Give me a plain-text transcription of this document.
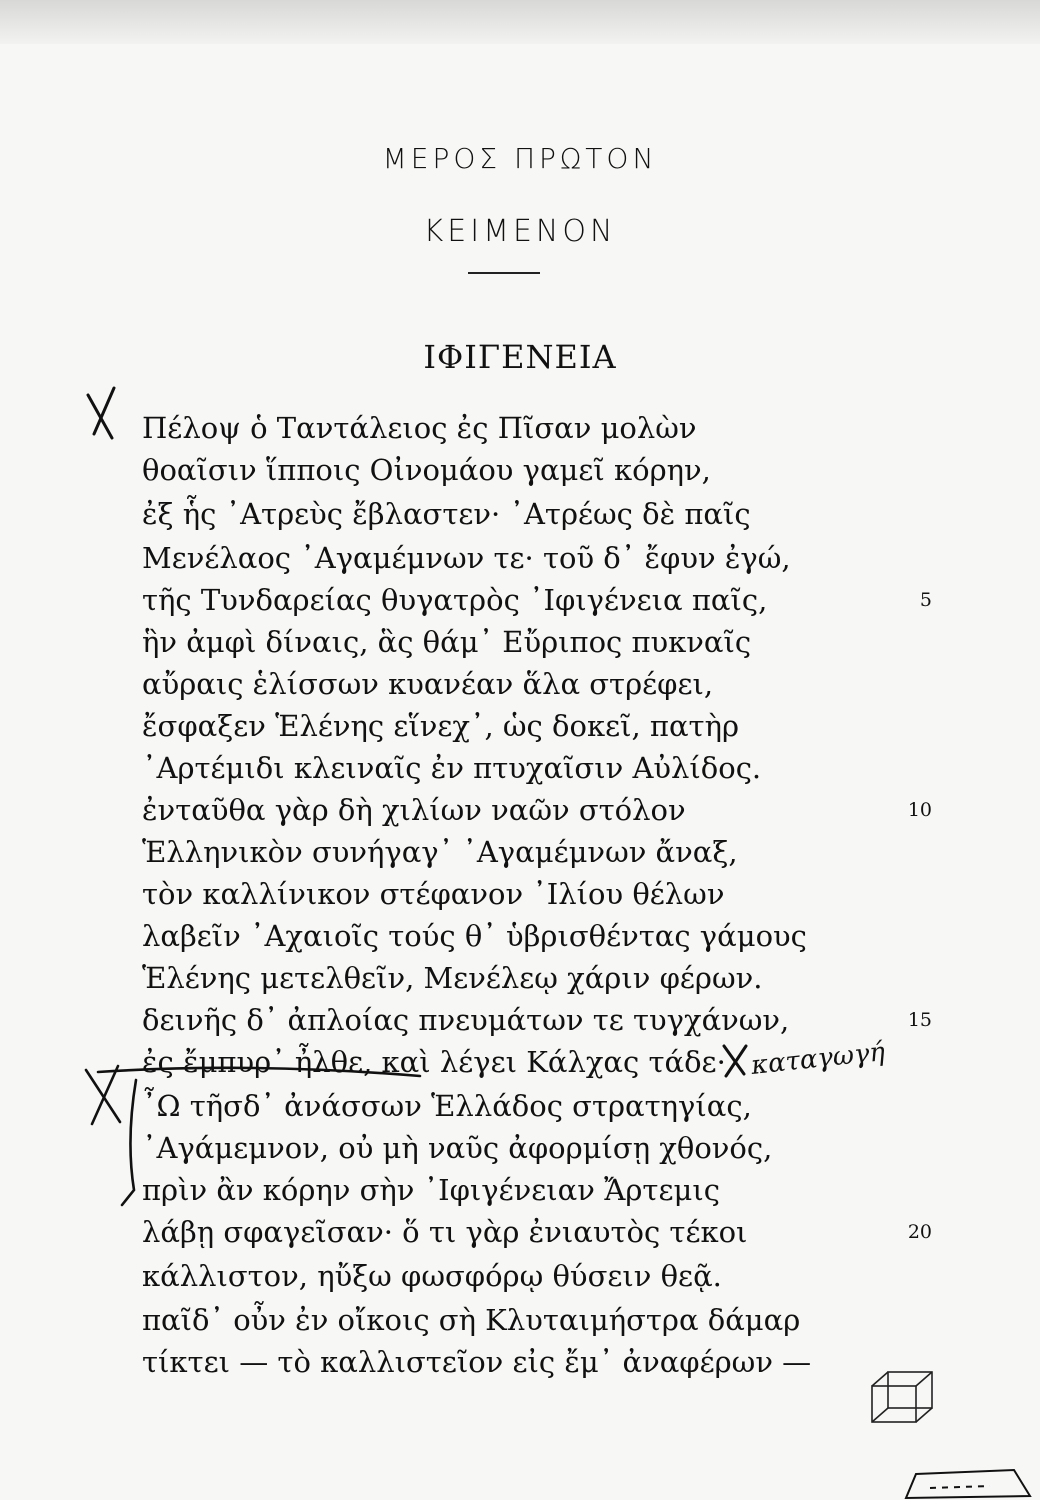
ΜΕΡΟΣ ΠΡΩΤΟΝ
ΚΕΙΜΕΝΟΝ
ΙΦΙΓΕΝΕΙΑ
Πέλοψ ὁ Ταντάλειος ἐς Πῖσαν μολὼν
θοαῖσιν ἵπποις Οἰνομάου γαμεῖ κόρην,
ἐξ ἧς ᾿Ατρεὺς ἔβλαστεν· ᾿Ατρέως δὲ παῖς
Μενέλαος ᾿Αγαμέμνων τε· τοῦ δ᾿ ἔφυν ἐγώ,
τῆς Τυνδαρείας θυγατρὸς ᾿Ιφιγένεια παῖς,
ἣν ἀμφὶ δίναις, ἃς θάμ᾿ Εὔριπος πυκναῖς
αὔραις ἑλίσσων κυανέαν ἅλα στρέφει,
ἔσφαξεν Ἑλένης εἵνεχ᾿, ὡς δοκεῖ, πατὴρ
᾿Αρτέμιδι κλειναῖς ἐν πτυχαῖσιν Αὐλίδος.
ἐνταῦθα γὰρ δὴ χιλίων ναῶν στόλον
Ἑλληνικὸν συνήγαγ᾿ ᾿Αγαμέμνων ἄναξ,
τὸν καλλίνικον στέφανον ᾿Ιλίου θέλων
λαβεῖν ᾿Αχαιοῖς τούς θ᾿ ὑβρισθέντας γάμους
Ἑλένης μετελθεῖν, Μενέλεῳ χάριν φέρων.
δεινῆς δ᾿ ἀπλοίας πνευμάτων τε τυγχάνων,
ἐς ἔμπυρ᾿ ἦλθε, καὶ λέγει Κάλχας τάδε·
῏Ω τῆσδ᾿ ἀνάσσων Ἑλλάδος στρατηγίας,
᾿Αγάμεμνον, οὐ μὴ ναῦς ἀφορμίσῃ χθονός,
πρὶν ἂν κόρην σὴν ᾿Ιφιγένειαν Ἄρτεμις
λάβῃ σφαγεῖσαν· ὅ τι γὰρ ἐνιαυτὸς τέκοι
κάλλιστον, ηὔξω φωσφόρῳ θύσειν θεᾷ.
παῖδ᾿ οὖν ἐν οἴκοις σὴ Κλυταιμήστρα δάμαρ
τίκτει — τὸ καλλιστεῖον εἰς ἔμ᾿ ἀναφέρων —
5
10
15
20
καταγωγή
